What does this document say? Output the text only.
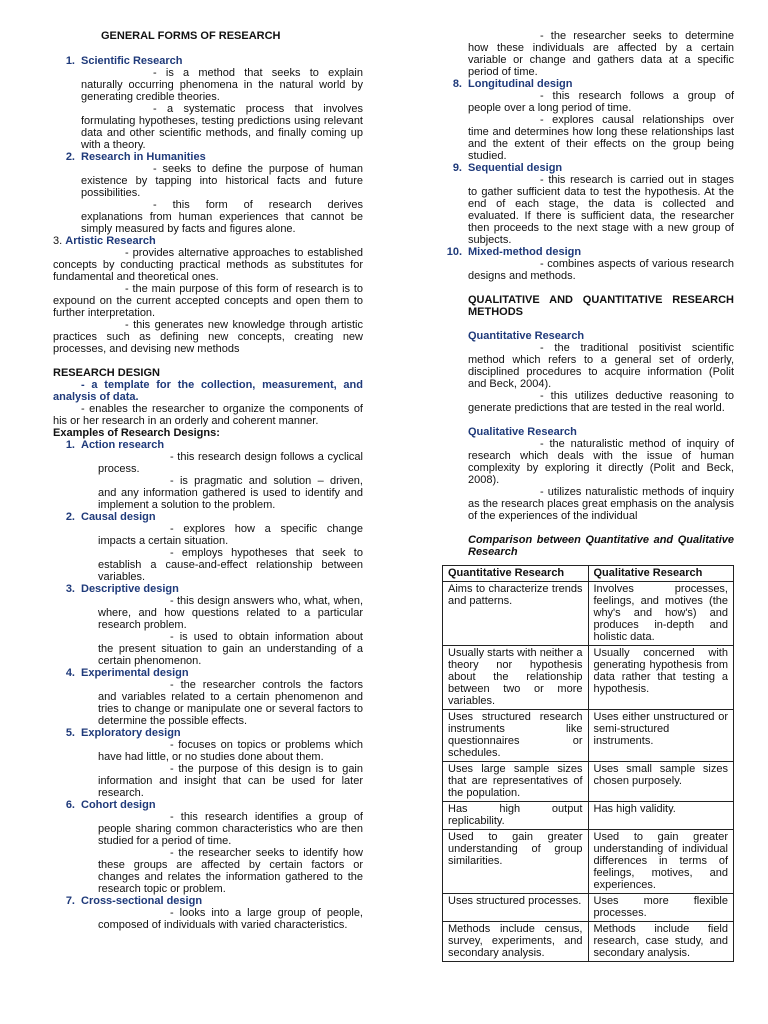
GENERAL FORMS OF RESEARCH
1. Scientific Research

- is a method that seeks to explain naturally occurring phenomena in the natural world by generating credible theories.

- a systematic process that involves formulating hypotheses, testing predictions using relevant data and other scientific methods, and finally coming up with a theory.

2. Research in Humanities

- seeks to define the purpose of human existence by tapping into historical facts and future possibilities.

- this form of research derives explanations from human experiences that cannot be simply measured by facts and figures alone.

3. Artistic Research

- provides alternative approaches to established concepts by conducting practical methods as substitutes for fundamental and theoretical ones.

- the main purpose of this form of research is to expound on the current accepted concepts and open them to further interpretation.

- this generates new knowledge through artistic practices such as defining new concepts, creating new processes, and devising new methods

RESEARCH DESIGN

- a template for the collection, measurement, and analysis of data.

- enables the researcher to organize the components of his or her research in an orderly and coherent manner.

Examples of Research Designs:
1. Action research

- this research design follows a cyclical process.

- is pragmatic and solution – driven, and any information gathered is used to identify and implement a solution to the problem.

2. Causal design

- explores how a specific change impacts a certain situation.

- employs hypotheses that seek to establish a cause-and-effect relationship between variables.

3. Descriptive design

- this design answers who, what, when, where, and how questions related to a particular research problem.

- is used to obtain information about the present situation to gain an understanding of a certain phenomenon.

4. Experimental design

- the researcher controls the factors and variables related to a certain phenomenon and tries to change or manipulate one or several factors to determine the possible effects.

5. Exploratory design

- focuses on topics or problems which have had little, or no studies done about them.

- the purpose of this design is to gain information and insight that can be used for later research.

6. Cohort design

- this research identifies a group of people sharing common characteristics who are then studied for a period of time.

- the researcher seeks to identify how these groups are affected by certain factors or changes and relates the information gathered to the research topic or problem.

7. Cross-sectional design

- looks into a large group of people, composed of individuals with varied characteristics.

- the researcher seeks to determine how these individuals are affected by a certain variable or change and gathers data at a specific period of time.

8. Longitudinal design

- this research follows a group of people over a long period of time.

- explores causal relationships over time and determines how long these relationships last and the extent of their effects on the group being studied.

9. Sequential design

- this research is carried out in stages to gather sufficient data to test the hypothesis. At the end of each stage, the data is collected and evaluated. If there is sufficient data, the researcher then proceeds to the next stage with a new group of subjects.

10. Mixed-method design

- combines aspects of various research designs and methods.

QUALITATIVE AND QUANTITATIVE RESEARCH METHODS

Quantitative Research

- the traditional positivist scientific method which refers to a general set of orderly, disciplined procedures to acquire information (Polit and Beck, 2004).

- this utilizes deductive reasoning to generate predictions that are tested in the real world.

Qualitative Research

- the naturalistic method of inquiry of research which deals with the issue of human complexity by exploring it directly (Polit and Beck, 2008).

- utilizes naturalistic methods of inquiry as the research places great emphasis on the analysis of the experiences of the individual

Comparison between Quantitative and Qualitative Research

Quantitative Research	Qualitative Research
Aims to characterize trends and patterns.	Involves processes, feelings, and motives (the why's and how's) and produces in-depth and holistic data.
Usually starts with neither a theory nor hypothesis about the relationship between two or more variables.	Usually concerned with generating hypothesis from data rather that testing a hypothesis.
Uses structured research instruments like questionnaires or schedules.	Uses either unstructured or semi-structured instruments.
Uses large sample sizes that are representatives of the population.	Uses small sample sizes chosen purposely.
Has high output replicability.	Has high validity.
Used to gain greater understanding of group similarities.	Used to gain greater understanding of individual differences in terms of feelings, motives, and experiences.
Uses structured processes.	Uses more flexible processes.
Methods include census, survey, experiments, and secondary analysis.	Methods include field research, case study, and secondary analysis.
